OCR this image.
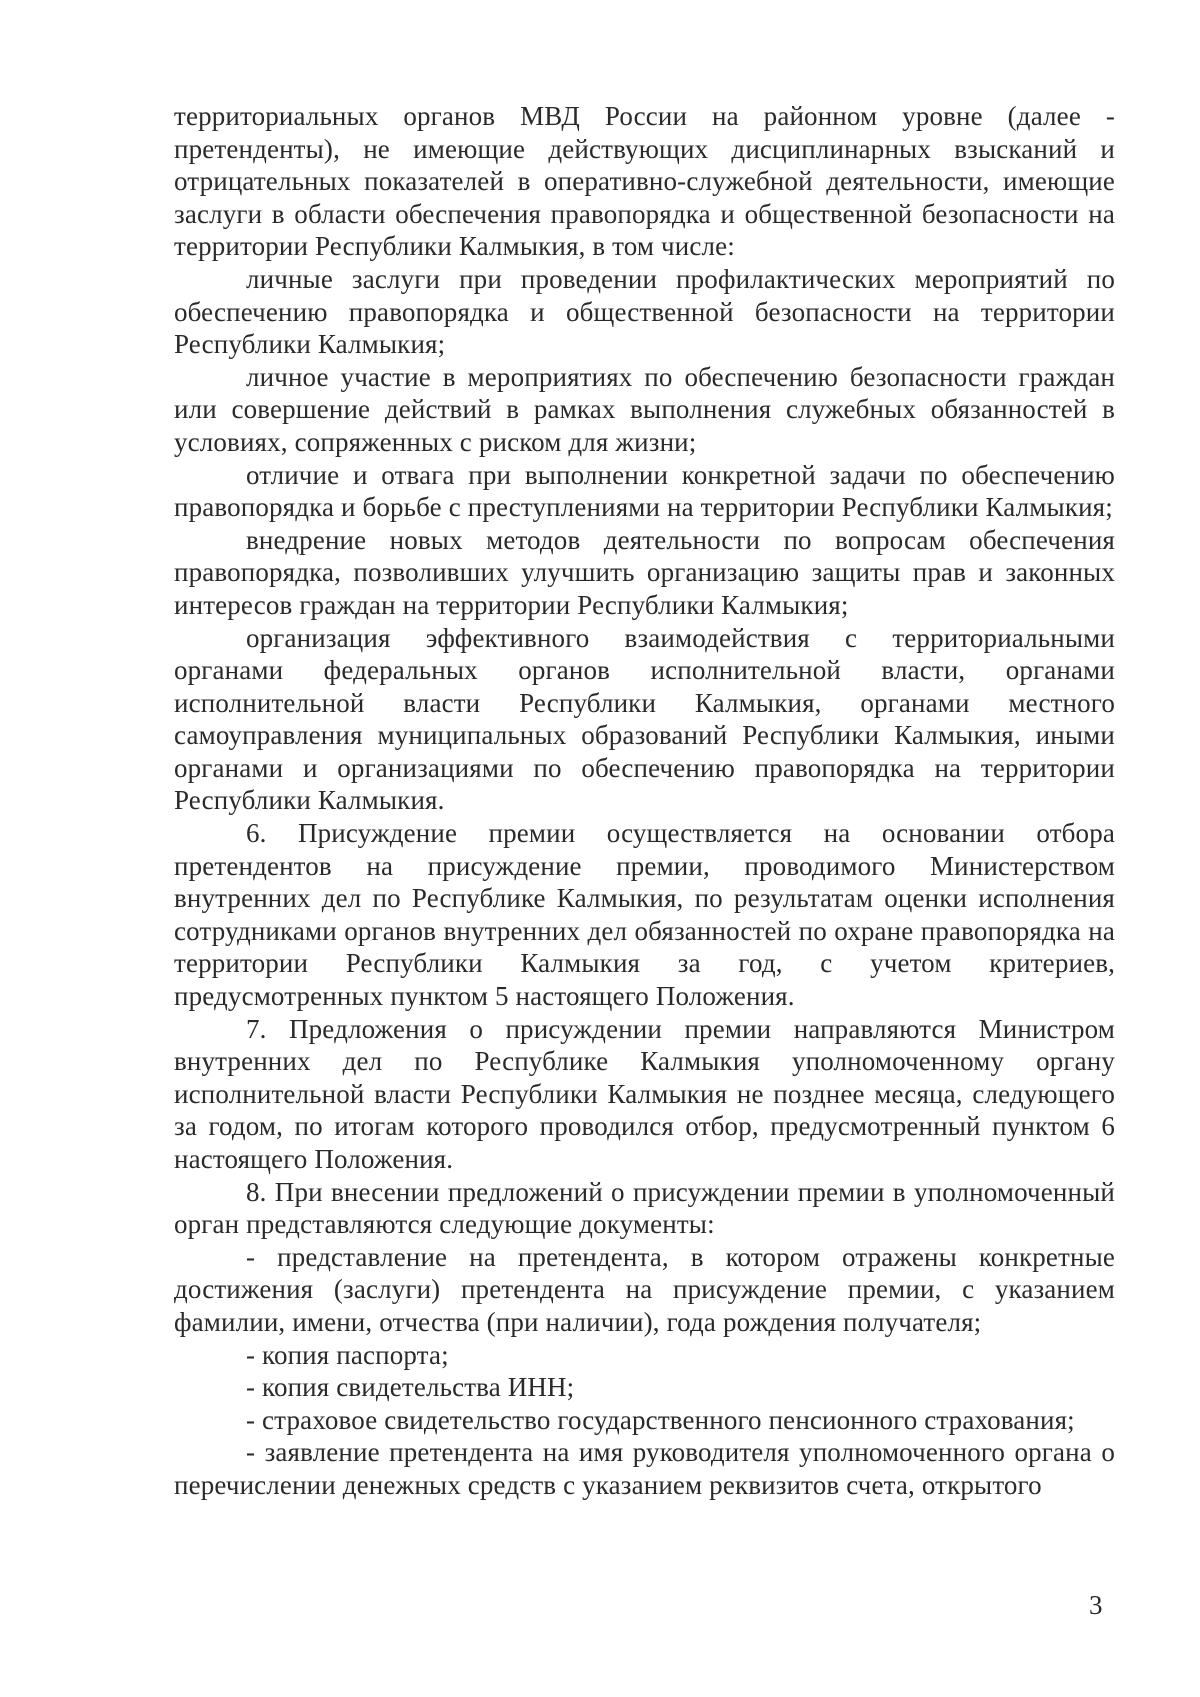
территориальных органов МВД России на районном уровне (далее - претенденты), не имеющие действующих дисциплинарных взысканий и отрицательных показателей в оперативно-служебной деятельности, имеющие заслуги в области обеспечения правопорядка и общественной безопасности на территории Республики Калмыкия, в том числе:

личные заслуги при проведении профилактических мероприятий по обеспечению правопорядка и общественной безопасности на территории Республики Калмыкия;

личное участие в мероприятиях по обеспечению безопасности граждан или совершение действий в рамках выполнения служебных обязанностей в условиях, сопряженных с риском для жизни;

отличие и отвага при выполнении конкретной задачи по обеспечению правопорядка и борьбе с преступлениями на территории Республики Калмыкия;

внедрение новых методов деятельности по вопросам обеспечения правопорядка, позволивших улучшить организацию защиты прав и законных интересов граждан на территории Республики Калмыкия;

организация эффективного взаимодействия с территориальными органами федеральных органов исполнительной власти, органами исполнительной власти Республики Калмыкия, органами местного самоуправления муниципальных образований Республики Калмыкия, иными органами и организациями по обеспечению правопорядка на территории Республики Калмыкия.

6. Присуждение премии осуществляется на основании отбора претендентов на присуждение премии, проводимого Министерством внутренних дел по Республике Калмыкия, по результатам оценки исполнения сотрудниками органов внутренних дел обязанностей по охране правопорядка на территории Республики Калмыкия за год, с учетом критериев, предусмотренных пунктом 5 настоящего Положения.

7. Предложения о присуждении премии направляются Министром внутренних дел по Республике Калмыкия уполномоченному органу исполнительной власти Республики Калмыкия не позднее месяца, следующего за годом, по итогам которого проводился отбор, предусмотренный пунктом 6 настоящего Положения.

8. При внесении предложений о присуждении премии в уполномоченный орган представляются следующие документы:

- представление на претендента, в котором отражены конкретные достижения (заслуги) претендента на присуждение премии, с указанием фамилии, имени, отчества (при наличии), года рождения получателя;

- копия паспорта;

- копия свидетельства ИНН;

- страховое свидетельство государственного пенсионного страхования;

- заявление претендента на имя руководителя уполномоченного органа о перечислении денежных средств с указанием реквизитов счета, открытого

3
